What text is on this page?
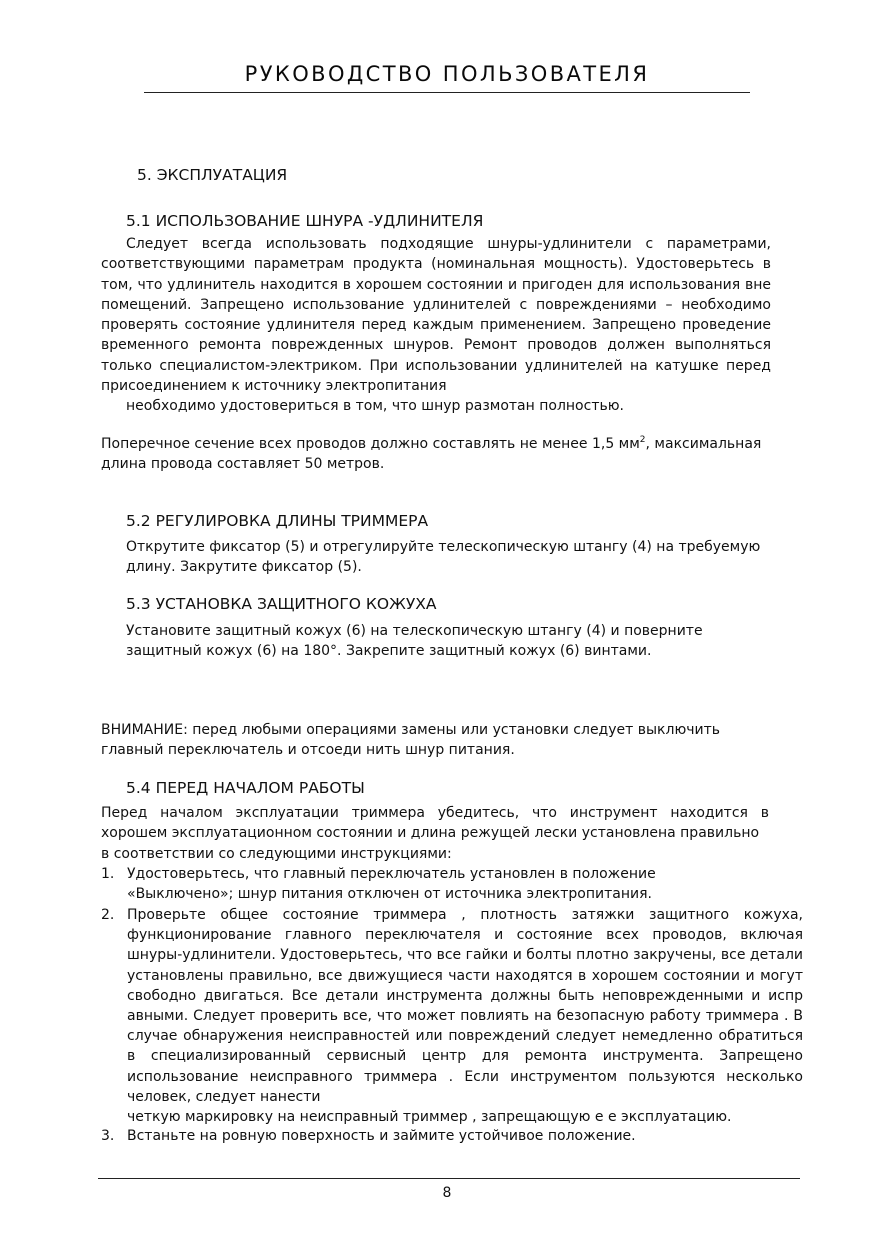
РУКОВОДСТВО ПОЛЬЗОВАТЕЛЯ
5. ЭКСПЛУАТАЦИЯ
5.1 ИСПОЛЬЗОВАНИЕ ШНУРА -УДЛИНИТЕЛЯ
Следует всегда использовать подходящие шнуры‑удлинители с параметрами, соответствующими параметрам продукта (номинальная мощность). Удостоверьтесь в том, что удлинитель находится в хорошем состоянии и пригоден для использования вне помещений. Запрещено использование удлинителей с повреждениями – необходимо проверять состояние удлинителя перед каждым применением. Запрещено проведение временного ремонта поврежденных шнуров. Ремонт проводов должен выполняться только специалистом‑электриком. При использовании удлинителей на катушке перед присоединением к источнику электропитания
необходимо удостовериться в том, что шнур размотан полностью.
Поперечное сечение всех проводов должно составлять не менее 1,5 $мм^2$, максимальная
длина провода составляет 50 метров.
5.2 РЕГУЛИРОВКА ДЛИНЫ ТРИММЕРА
Открутите фиксатор (5) и отрегулируйте телескопическую штангу (4) на требуемую
длину. Закрутите фиксатор (5).
5.3 УСТАНОВКА ЗАЩИТНОГО КОЖУХА
Установите защитный кожух (6) на телескопическую штангу (4) и поверните
защитный кожух (6) на 180°. Закрепите защитный кожух (6) винтами.
ВНИМАНИЕ: перед любыми операциями замены или установки следует выключить
главный переключатель и отсоеди нить шнур питания.
5.4 ПЕРЕД НАЧАЛОМ РАБОТЫ
Перед началом эксплуатации триммера убедитесь, что инструмент находится в хорошем эксплуатационном состоянии и длина режущей лески установлена правильно
в соответствии со следующими инструкциями:
1. Удостоверьтесь, что главный переключатель установлен в положение
«Выключено»; шнур питания отключен от источника электропитания.
2. Проверьте общее состояние триммера , плотность затяжки защитного кожуха, функционирование главного переключателя и состояние всех проводов, включая шнуры‑удлинители. Удостоверьтесь, что все гайки и болты плотно закручены, все детали установлены правильно, все движущиеся части находятся в хорошем состоянии и могут свободно двигаться. Все детали инструмента должны быть неповрежденными и испр авными. Следует проверить все, что может повлиять на безопасную работу триммера . В случае обнаружения неисправностей или повреждений следует немедленно обратиться в специализированный сервисный центр для ремонта инструмента. Запрещено использование неисправного триммера . Если инструментом пользуются несколько человек, следует нанести
четкую маркировку на неисправный триммер , запрещающую е е эксплуатацию.
3. Встаньте на ровную поверхность и займите устойчивое положение.
8
